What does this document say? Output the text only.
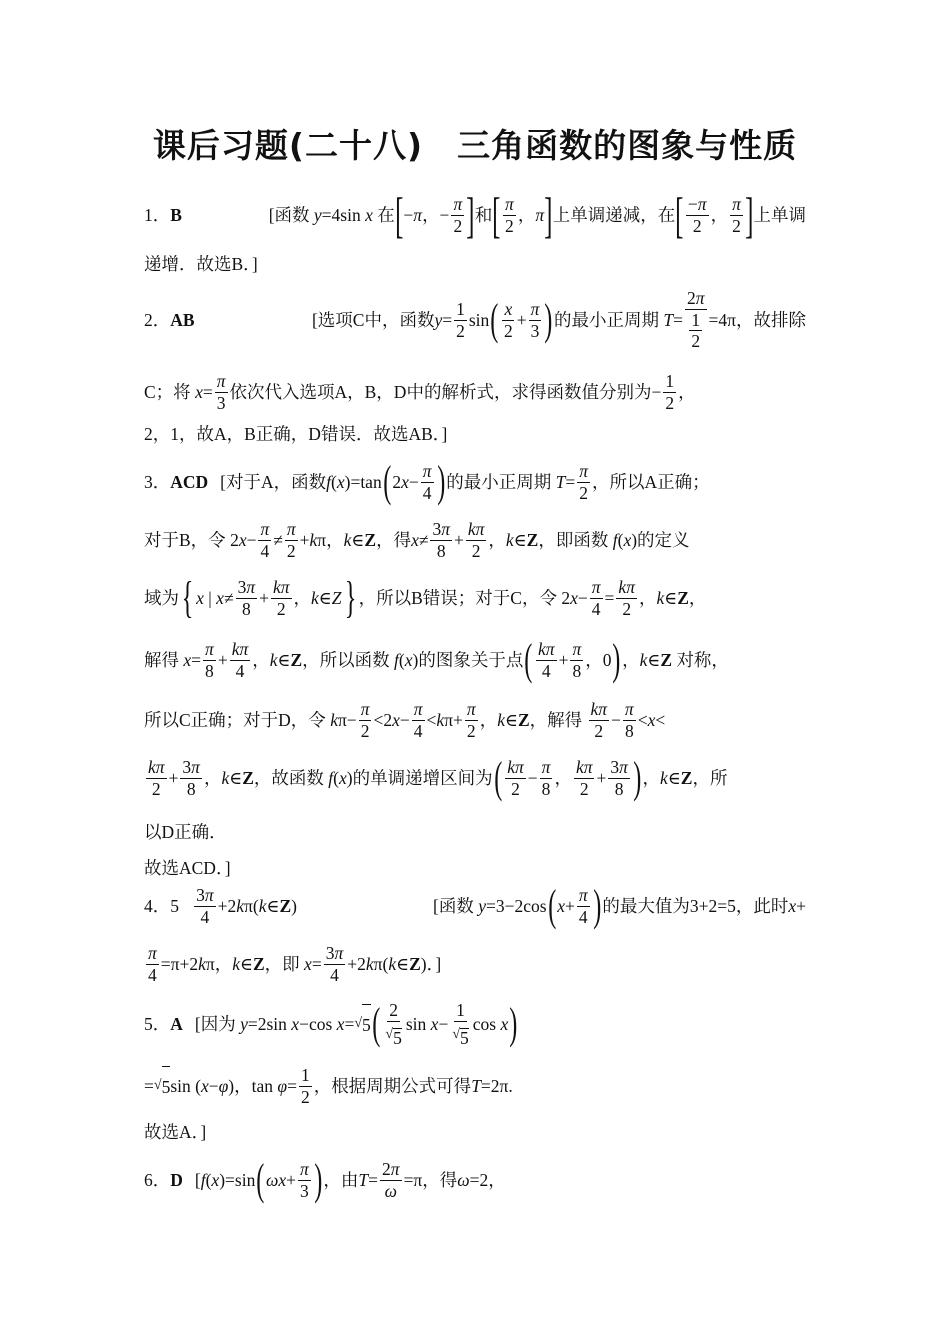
课后习题(二十八)　三角函数的图象与性质
1．B	[ 函数
y =4sin x
在 [ − π ，− $\frac{\pi}{2}$ ] 和 [ $\frac{\pi}{2}$ ， π ] 上单调递减，在 [ $\frac{-\pi}{2}$ ， $\frac{\pi}{2}$ ] 上单调
递增．故选B．]
2．AB	[ 选项C中，函数 $y = \frac{1}{2}$ sin ( $\frac{x}{2} + \frac{\pi}{3}$ ) 的最小正周期
$T = \frac{2\pi}{\frac{1}{2}} =4\pi$，故排除
C；将
$x = \frac{\pi}{3}$ 依次代入选项A，B，D中的解析式，求得函数值分别为− $\frac{1}{2}$ ，
2，1，故A，B正确，D错误．故选AB．]
3．ACD [ 对于A，函数 f ( x )=tan ( 2 $x - \frac{\pi}{4}$ ) 的最小正周期
$T = \frac{\pi}{2}$ ，所以A正确；
对于B，令 2 $x - \frac{\pi}{4} \ne \frac{\pi}{2} + k$ π， k ∈ Z ， 得 $x \ne \frac{3\pi}{8} + \frac{k\pi}{2}$ ， k ∈ Z ， 即函数
f ( x ) 的定义
域为 { x | $x \ne \frac{3\pi}{8} + \frac{k\pi}{2}$ ， k ∈ Z } ，所以B错误；对于C，令 2 $x - \frac{\pi}{4} = \frac{k\pi}{2}$ ， k ∈ Z ，
解得
$x = \frac{\pi}{8} + \frac{k\pi}{4}$ ， k ∈ Z ， 所以函数
f ( x ) 的图象关于点 ( $\frac{k\pi}{4} + \frac{\pi}{8}$ ，0 ) ， k ∈ Z
对称，
所以C正确；对于D，令
k $\pi- \frac{\pi}{2} <2$ $x - \frac{\pi}{4} < k$ $\pi+ \frac{\pi}{2}$ ， k ∈ Z ， 解得
$\frac{k\pi}{2} - \frac{\pi}{8} < x$ <
$\frac{k\pi}{2} + \frac{3\pi}{8}$ ， k ∈ Z ， 故函数
f ( x ) 的单调递增区间为 ( $\frac{k\pi}{2} - \frac{\pi}{8}$ ， $\frac{k\pi}{2} + \frac{3\pi}{8}$ ) ， k ∈ Z ， 所
以D正确．
故选ACD．]
4． $5 \frac{3\pi}{4} +2$ k π( k ∈ Z )	[函数
y =3−2cos ( $x + \frac{\pi}{4}$ ) 的最大值为3+2=5，此时 x +
$\frac{\pi}{4} =\pi+2$ k π， k ∈ Z ， 即
$x = \frac{3\pi}{4} +2$ k π( k ∈ Z ) ．]
5．A [因为
y =2sin x −cos x = √ 5 ( $\frac{2}{√ 5}$ $\sin x - \frac{1}{√ 5}$ cos x )
= √ 5 sin ( x − φ )，$\tan \varphi = \frac{1}{2}$ ， 根据周期公式可得 T =2π.
故选A．]
6．D [ f ( x )=sin ( $\omega x + \frac{\pi}{3}$ ) ， 由 $T = \frac{2\pi}{\omega} =\pi$， 得 ω =2，
